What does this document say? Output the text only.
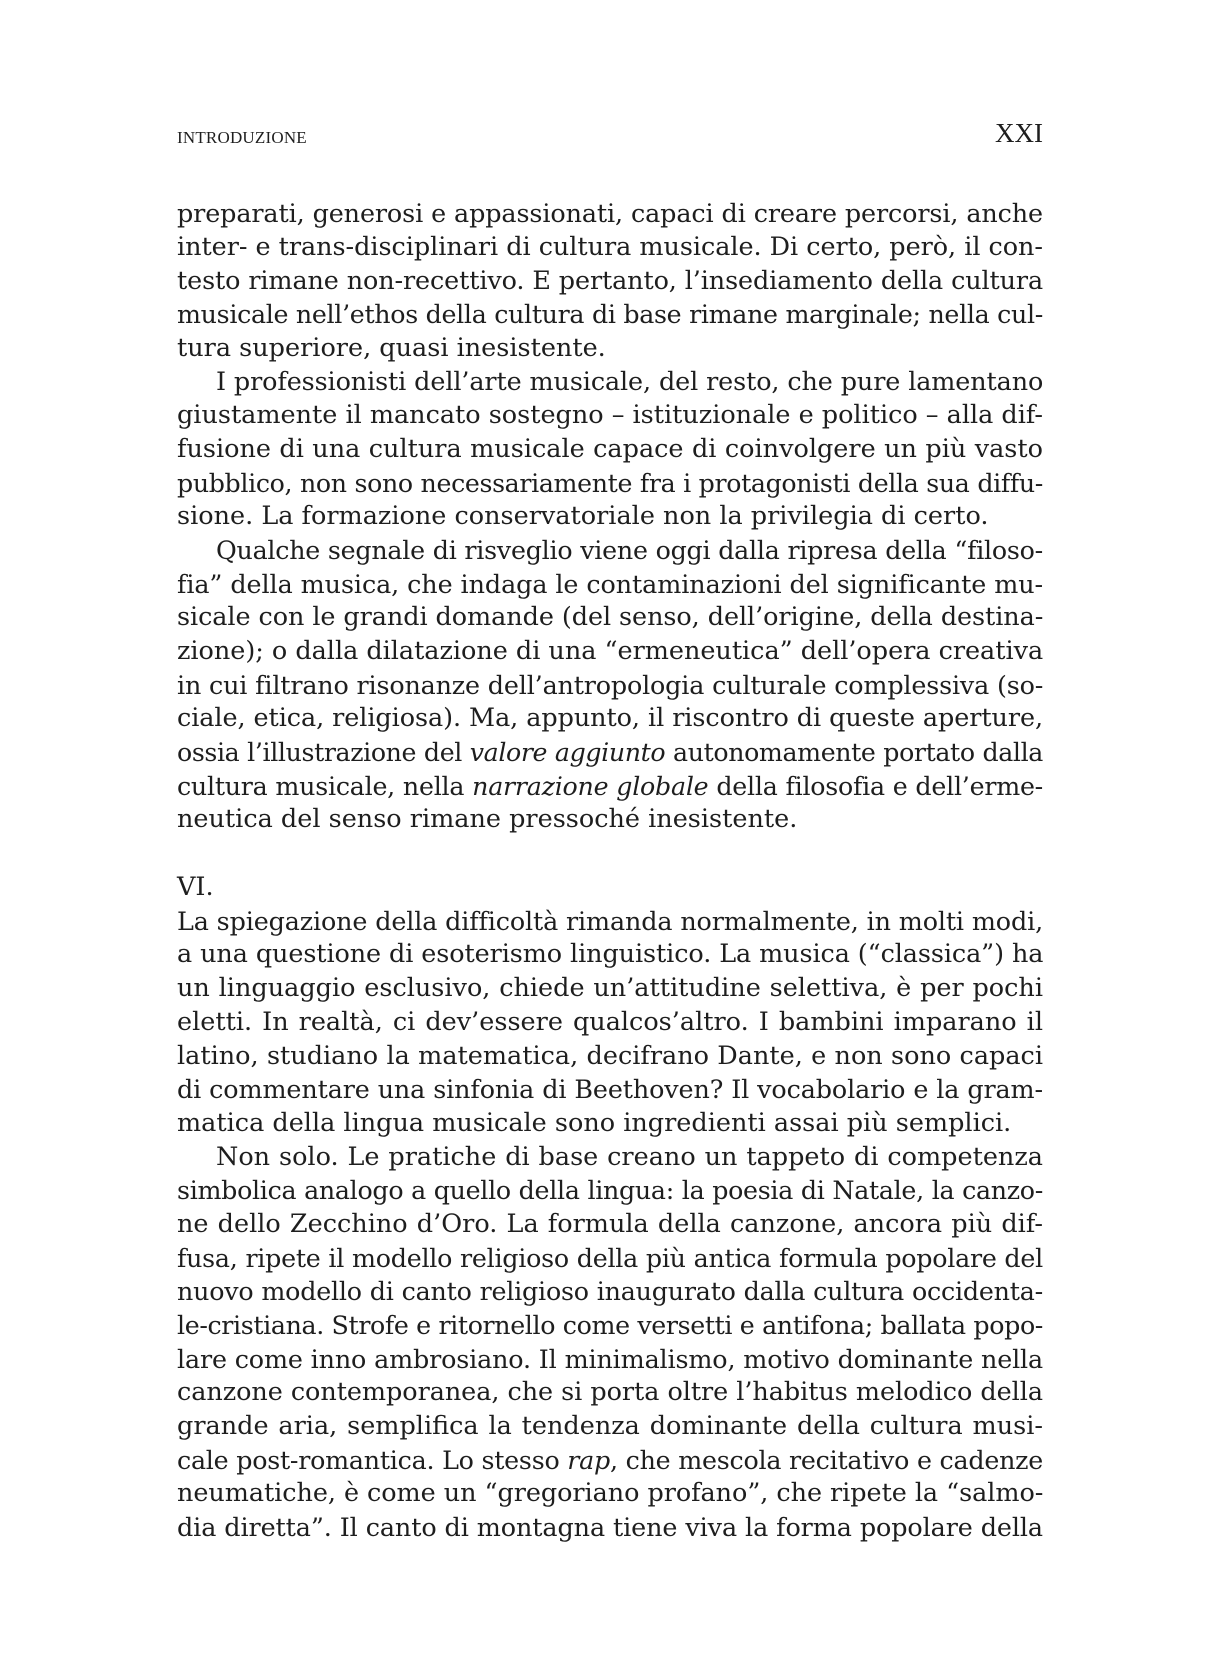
INTRODUZIONE	XXI
preparati, generosi e appassionati, capaci di creare percorsi, anche
inter- e trans-disciplinari di cultura musicale. Di certo, però, il con-
testo rimane non-recettivo. E pertanto, l’insediamento della cultura
musicale nell’ethos della cultura di base rimane marginale; nella cul-
tura superiore, quasi inesistente.
I professionisti dell’arte musicale, del resto, che pure lamentano
giustamente il mancato sostegno – istituzionale e politico – alla dif-
fusione di una cultura musicale capace di coinvolgere un più vasto
pubblico, non sono necessariamente fra i protagonisti della sua diffu-
sione. La formazione conservatoriale non la privilegia di certo.
Qualche segnale di risveglio viene oggi dalla ripresa della “filoso-
fia” della musica, che indaga le contaminazioni del significante mu-
sicale con le grandi domande (del senso, dell’origine, della destina-
zione); o dalla dilatazione di una “ermeneutica” dell’opera creativa
in cui filtrano risonanze dell’antropologia culturale complessiva (so-
ciale, etica, religiosa). Ma, appunto, il riscontro di queste aperture,
ossia l’illustrazione del valore aggiunto autonomamente portato dalla
cultura musicale, nella narrazione globale della filosofia e dell’erme-
neutica del senso rimane pressoché inesistente.
VI.
La spiegazione della difficoltà rimanda normalmente, in molti modi,
a una questione di esoterismo linguistico. La musica (“classica”) ha
un linguaggio esclusivo, chiede un’attitudine selettiva, è per pochi
eletti. In realtà, ci dev’essere qualcos’altro. I bambini imparano il
latino, studiano la matematica, decifrano Dante, e non sono capaci
di commentare una sinfonia di Beethoven? Il vocabolario e la gram-
matica della lingua musicale sono ingredienti assai più semplici.
Non solo. Le pratiche di base creano un tappeto di competenza
simbolica analogo a quello della lingua: la poesia di Natale, la canzo-
ne dello Zecchino d’Oro. La formula della canzone, ancora più dif-
fusa, ripete il modello religioso della più antica formula popolare del
nuovo modello di canto religioso inaugurato dalla cultura occidenta-
le-cristiana. Strofe e ritornello come versetti e antifona; ballata popo-
lare come inno ambrosiano. Il minimalismo, motivo dominante nella
canzone contemporanea, che si porta oltre l’habitus melodico della
grande aria, semplifica la tendenza dominante della cultura musi-
cale post-romantica. Lo stesso rap, che mescola recitativo e cadenze
neumatiche, è come un “gregoriano profano”, che ripete la “salmo-
dia diretta”. Il canto di montagna tiene viva la forma popolare della
